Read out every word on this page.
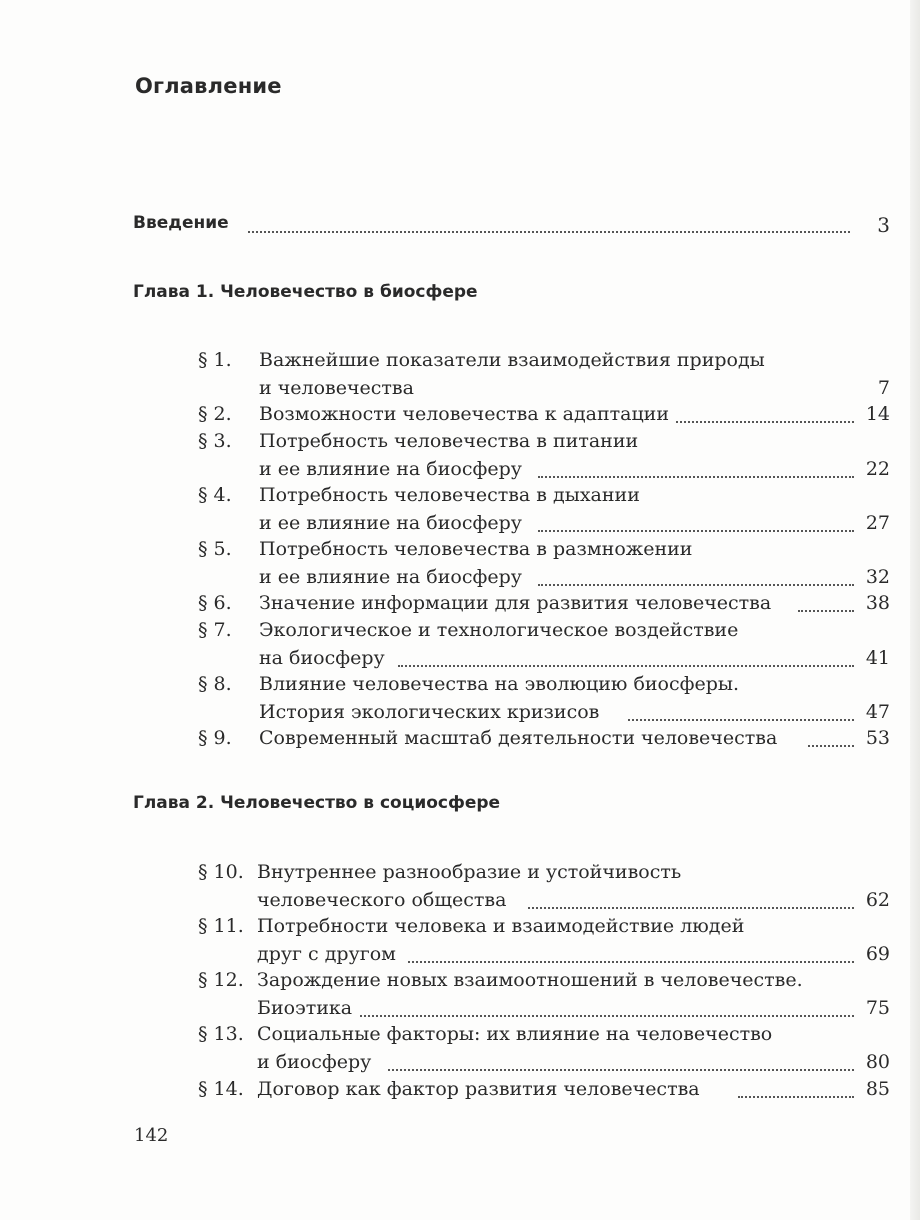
Оглавление
Введение	3
Глава 1. Человечество в биосфере
§ 1. Важнейшие показатели взаимодействия природы
и человечества	7
§ 2. Возможности человечества к адаптации	14
§ 3. Потребность человечества в питании
и ее влияние на биосферу	22
§ 4. Потребность человечества в дыхании
и ее влияние на биосферу	27
§ 5. Потребность человечества в размножении
и ее влияние на биосферу	32
§ 6. Значение информации для развития человечества	38
§ 7. Экологическое и технологическое воздействие
на биосферу	41
§ 8. Влияние человечества на эволюцию биосферы.
История экологических кризисов	47
§ 9. Современный масштаб деятельности человечества	53
Глава 2. Человечество в социосфере
§ 10. Внутреннее разнообразие и устойчивость
человеческого общества	62
§ 11. Потребности человека и взаимодействие людей
друг с другом	69
§ 12. Зарождение новых взаимоотношений в человечестве.
Биоэтика	75
§ 13. Социальные факторы: их влияние на человечество
и биосферу	80
§ 14. Договор как фактор развития человечества	85
142
